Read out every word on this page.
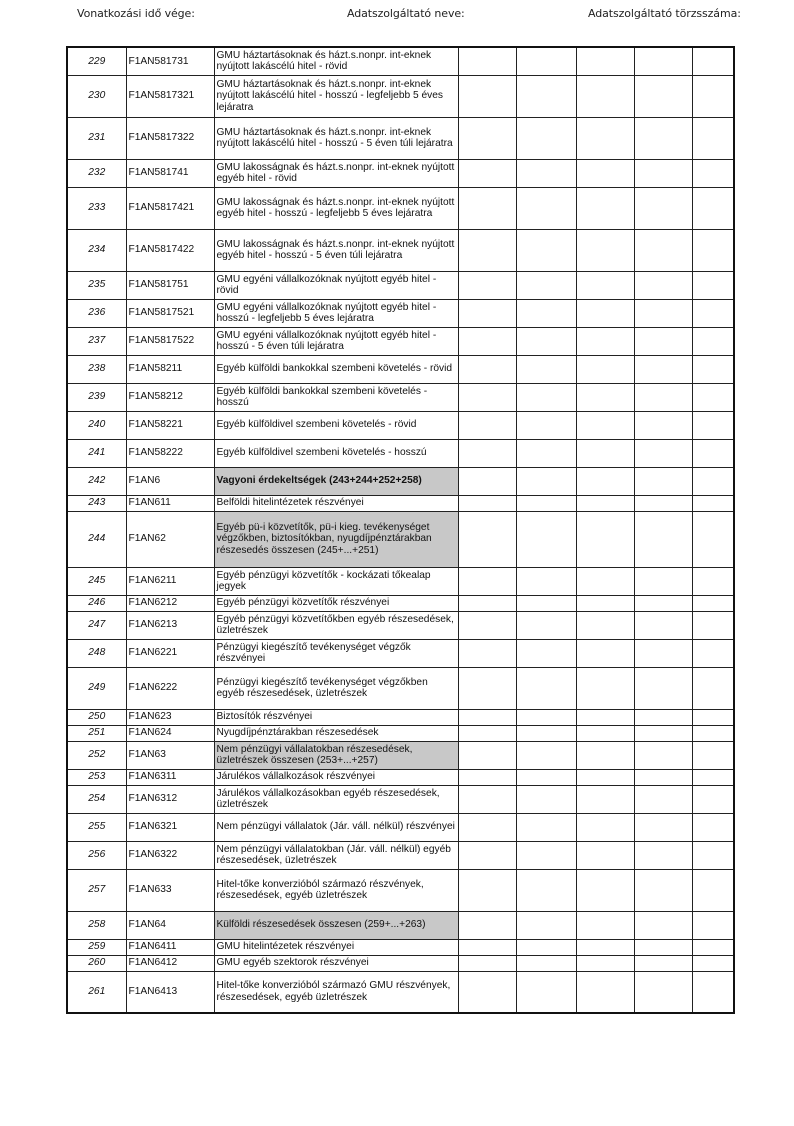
Vonatkozási idő vége:	Adatszolgáltató neve:	Adatszolgáltató törzsszáma:
229	F1AN581731	GMU háztartásoknak és házt.s.nonpr. int-eknek nyújtott lakáscélú hitel - rövid					
230	F1AN5817321	GMU háztartásoknak és házt.s.nonpr. int-eknek nyújtott lakáscélú hitel - hosszú - legfeljebb 5 éves lejáratra					
231	F1AN5817322	GMU háztartásoknak és házt.s.nonpr. int-eknek nyújtott lakáscélú hitel - hosszú - 5 éven túli lejáratra					
232	F1AN581741	GMU lakosságnak és házt.s.nonpr. int-eknek nyújtott egyéb hitel - rövid					
233	F1AN5817421	GMU lakosságnak és házt.s.nonpr. int-eknek nyújtott egyéb hitel - hosszú - legfeljebb 5 éves lejáratra					
234	F1AN5817422	GMU lakosságnak és házt.s.nonpr. int-eknek nyújtott egyéb hitel - hosszú - 5 éven túli lejáratra					
235	F1AN581751	GMU egyéni vállalkozóknak nyújtott egyéb hitel - rövid					
236	F1AN5817521	GMU egyéni vállalkozóknak nyújtott egyéb hitel - hosszú - legfeljebb 5 éves lejáratra					
237	F1AN5817522	GMU egyéni vállalkozóknak nyújtott egyéb hitel - hosszú - 5 éven túli lejáratra					
238	F1AN58211	Egyéb külföldi bankokkal szembeni követelés - rövid					
239	F1AN58212	Egyéb külföldi bankokkal szembeni követelés - hosszú					
240	F1AN58221	Egyéb külföldivel szembeni követelés - rövid					
241	F1AN58222	Egyéb külföldivel szembeni követelés - hosszú					
242	F1AN6	Vagyoni érdekeltségek (243+244+252+258)					
243	F1AN611	Belföldi hitelintézetek részvényei					
244	F1AN62	Egyéb pü-i közvetítők, pü-i kieg. tevékenységet végzőkben, biztosítókban, nyugdíjpénztárakban részesedés összesen (245+...+251)					
245	F1AN6211	Egyéb pénzügyi közvetítők - kockázati tőkealap jegyek					
246	F1AN6212	Egyéb pénzügyi közvetítők részvényei					
247	F1AN6213	Egyéb pénzügyi közvetítőkben egyéb részesedések, üzletrészek					
248	F1AN6221	Pénzügyi kiegészítő tevékenységet végzők részvényei					
249	F1AN6222	Pénzügyi kiegészítő tevékenységet végzőkben egyéb részesedések, üzletrészek					
250	F1AN623	Biztosítók részvényei					
251	F1AN624	Nyugdíjpénztárakban részesedések					
252	F1AN63	Nem pénzügyi vállalatokban részesedések, üzletrészek összesen (253+...+257)					
253	F1AN6311	Járulékos vállalkozások részvényei					
254	F1AN6312	Járulékos vállalkozásokban egyéb részesedések, üzletrészek					
255	F1AN6321	Nem pénzügyi vállalatok (Jár. váll. nélkül) részvényei					
256	F1AN6322	Nem pénzügyi vállalatokban (Jár. váll. nélkül) egyéb részesedések, üzletrészek					
257	F1AN633	Hitel-tőke konverzióból származó részvények, részesedések, egyéb üzletrészek					
258	F1AN64	Külföldi részesedések összesen (259+...+263)					
259	F1AN6411	GMU hitelintézetek részvényei					
260	F1AN6412	GMU egyéb szektorok részvényei					
261	F1AN6413	Hitel-tőke konverzióból származó GMU részvények, részesedések, egyéb üzletrészek					
